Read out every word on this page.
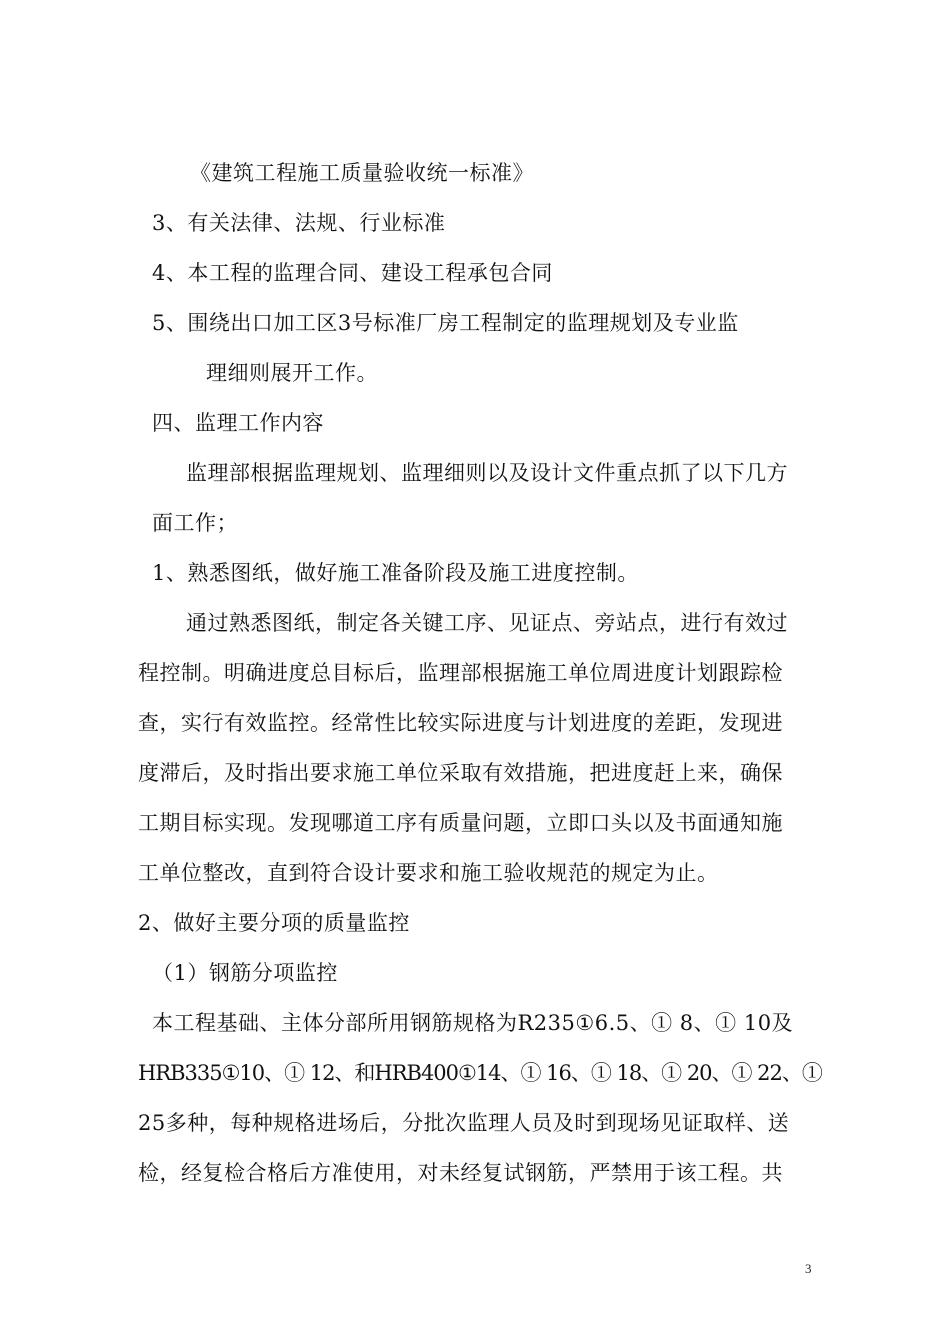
《建筑工程施工质量验收统一标准》
3、有关法律、法规、行业标准
4、本工程的监理合同、建设工程承包合同
5、围绕出口加工区3号标准厂房工程制定的监理规划及专业监
理细则展开工作。
四、监理工作内容
监理部根据监理规划、监理细则以及设计文件重点抓了以下几方
面工作；
1、熟悉图纸，做好施工准备阶段及施工进度控制。
通过熟悉图纸，制定各关键工序、见证点、旁站点，进行有效过
程控制。明确进度总目标后，监理部根据施工单位周进度计划跟踪检
查，实行有效监控。经常性比较实际进度与计划进度的差距，发现进
度滞后，及时指出要求施工单位采取有效措施，把进度赶上来，确保
工期目标实现。发现哪道工序有质量问题，立即口头以及书面通知施
工单位整改，直到符合设计要求和施工验收规范的规定为止。
2、做好主要分项的质量监控
（1）钢筋分项监控
本工程基础、主体分部所用钢筋规格为R235①6.5、① 8、① 10及
HRB335①10、① 12、和HRB400①14、① 16、① 18、① 20、① 22、①
25多种，每种规格进场后，分批次监理人员及时到现场见证取样、送
检，经复检合格后方准使用，对未经复试钢筋，严禁用于该工程。共
3
